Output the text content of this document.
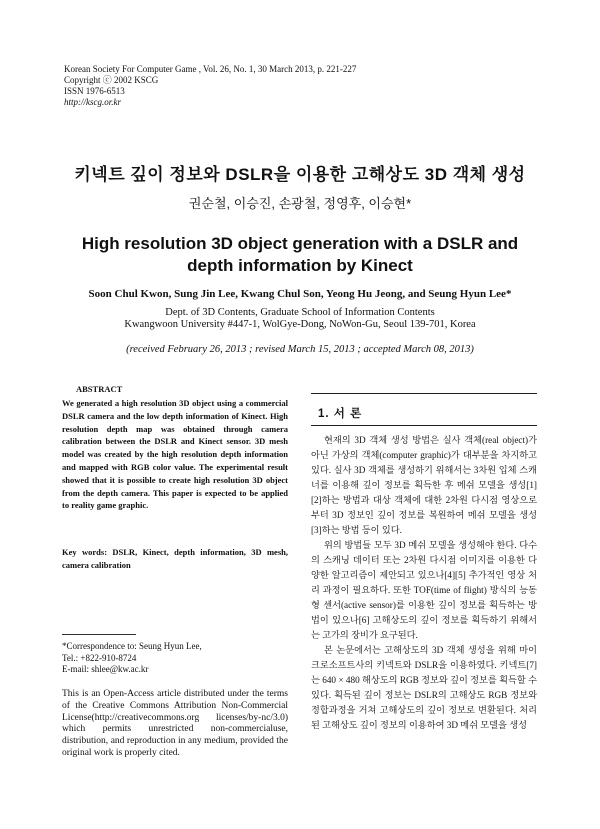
Korean Society For Computer Game , Vol. 26, No. 1, 30 March 2013, p. 221-227
Copyright ⓒ 2002 KSCG
ISSN 1976-6513
http://kscg.or.kr
키넥트 깊이 정보와 DSLR을 이용한 고해상도 3D 객체 생성
권순철, 이승진, 손광철, 정영후, 이승현*
High resolution 3D object generation with a DSLR and depth information by Kinect
Soon Chul Kwon, Sung Jin Lee, Kwang Chul Son, Yeong Hu Jeong, and Seung Hyun Lee*
Dept. of 3D Contents, Graduate School of Information Contents
Kwangwoon University #447-1, WolGye-Dong, NoWon-Gu, Seoul 139-701, Korea
(received February 26, 2013 ; revised March 15, 2013 ; accepted March 08, 2013)
ABSTRACT
We generated a high resolution 3D object using a commercial DSLR camera and the low depth information of Kinect. High resolution depth map was obtained through camera calibration between the DSLR and Kinect sensor. 3D mesh model was created by the high resolution depth information and mapped with RGB color value. The experimental result showed that it is possible to create high resolution 3D object from the depth camera. This paper is expected to be applied to reality game graphic.
Key words: DSLR, Kinect, depth information, 3D mesh, camera calibration
*Correspondence to: Seung Hyun Lee,
Tel.: +822-910-8724
E-mail: shlee@kw.ac.kr
This is an Open-Access article distributed under the terms of the Creative Commons Attribution Non-Commercial License(http://creativecommons.org licenses/by-nc/3.0) which permits unrestricted non-commercialuse, distribution, and reproduction in any medium, provided the original work is properly cited.
1. 서 론

현재의 3D 객체 생성 방법은 실사 객체(real object)가 아닌 가상의 객체(computer graphic)가 대부분을 차지하고 있다. 실사 3D 객체를 생성하기 위해서는 3차원 입체 스캐너를 이용해 깊이 정보를 획득한 후 메쉬 모델을 생성[1][2]하는 방법과 대상 객체에 대한 2차원 다시점 영상으로부터 3D 정보인 깊이 정보를 복원하여 메쉬 모델을 생성[3]하는 방법 등이 있다.

위의 방법들 모두 3D 메쉬 모델을 생성해야 한다. 다수의 스캐닝 데이터 또는 2차원 다시점 이미지를 이용한 다양한 알고리즘이 제안되고 있으나[4][5] 추가적인 영상 처리 과정이 필요하다. 또한 TOF(time of flight) 방식의 능동형 센서(active sensor)를 이용한 깊이 정보를 획득하는 방법이 있으나[6] 고해상도의 깊이 정보를 획득하기 위해서는 고가의 장비가 요구된다.

본 논문에서는 고해상도의 3D 객체 생성을 위해 마이크로소프트사의 키넥트와 DSLR을 이용하였다. 키넥트[7]는 640 × 480 해상도의 RGB 정보와 깊이 정보를 획득할 수 있다. 획득된 깊이 정보는 DSLR의 고해상도 RGB 정보와 정합과정을 거쳐 고해상도의 깊이 정보로 변환된다. 처리된 고해상도 깊이 정보의 이용하여 3D 메쉬 모델을 생성
